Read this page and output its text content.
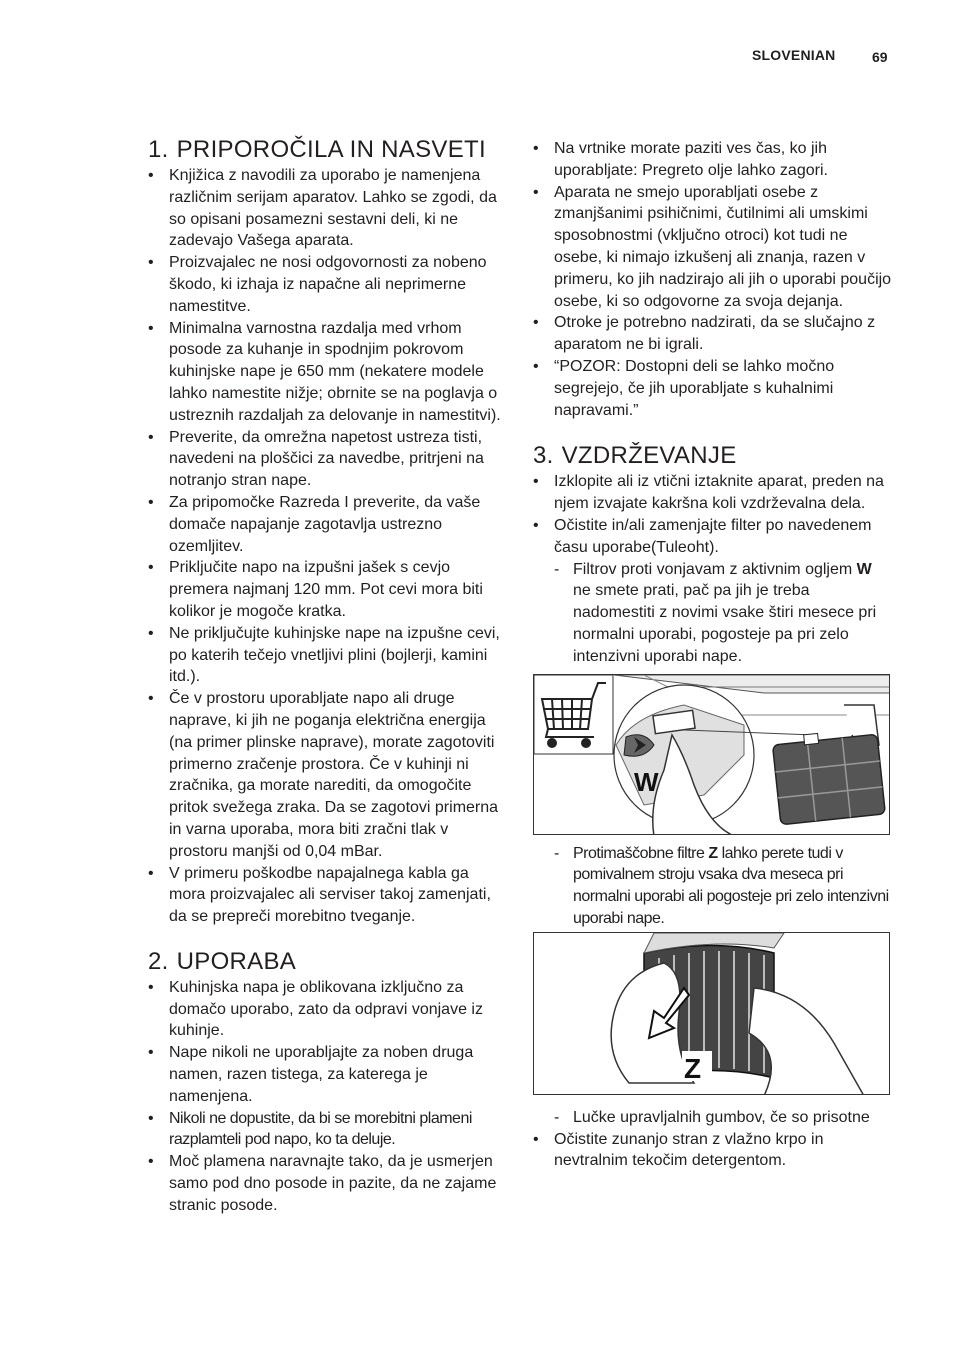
SLOVENIAN	69
1. PRIPOROČILA IN NASVETI
• Knjižica z navodili za uporabo je namenjena različnim serijam aparatov. Lahko se zgodi, da so opisani posamezni sestavni deli, ki ne zadevajo Vašega aparata.
• Proizvajalec ne nosi odgovornosti za nobeno škodo, ki izhaja iz napačne ali neprimerne namestitve.
• Minimalna varnostna razdalja med vrhom posode za kuhanje in spodnjim pokrovom kuhinjske nape je 650 mm (nekatere modele lahko namestite nižje; obrnite se na poglavja o ustreznih razdaljah za delovanje in namestitvi).
• Preverite, da omrežna napetost ustreza tisti, navedeni na ploščici za navedbe, pritrjeni na notranjo stran nape.
• Za pripomočke Razreda I preverite, da vaše domače napajanje zagotavlja ustrezno ozemljitev.
• Priključite napo na izpušni jašek s cevjo premera najmanj 120 mm. Pot cevi mora biti kolikor je mogoče kratka.
• Ne priključujte kuhinjske nape na izpušne cevi, po katerih tečejo vnetljivi plini (bojlerji, kamini itd.).
• Če v prostoru uporabljate napo ali druge naprave, ki jih ne poganja električna energija (na primer plinske naprave), morate zagotoviti primerno zračenje prostora. Če v kuhinji ni zračnika, ga morate narediti, da omogočite pritok svežega zraka. Da se zagotovi primerna in varna uporaba, mora biti zračni tlak v prostoru manjši od 0,04 mBar.
• V primeru poškodbe napajalnega kabla ga mora proizvajalec ali serviser takoj zamenjati, da se prepreči morebitno tveganje.
2. UPORABA
• Kuhinjska napa je oblikovana izključno za domačo uporabo, zato da odpravi vonjave iz kuhinje.
• Nape nikoli ne uporabljajte za noben druga namen, razen tistega, za katerega je namenjena.
• Nikoli ne dopustite, da bi se morebitni plameni razplamteli pod napo, ko ta deluje.
• Moč plamena naravnajte tako, da je usmerjen samo pod dno posode in pazite, da ne zajame stranic posode.
• Na vrtnike morate paziti ves čas, ko jih uporabljate: Pregreto olje lahko zagori.
• Aparata ne smejo uporabljati osebe z zmanjšanimi psihičnimi, čutilnimi ali umskimi sposobnostmi (vključno otroci) kot tudi ne osebe, ki nimajo izkušenj ali znanja, razen v primeru, ko jih nadzirajo ali jih o uporabi poučijo osebe, ki so odgovorne za svoja dejanja.
• Otroke je potrebno nadzirati, da se slučajno z aparatom ne bi igrali.
• “POZOR: Dostopni deli se lahko močno segrejejo, če jih uporabljate s kuhalnimi napravami.”
3. VZDRŽEVANJE
• Izklopite ali iz vtični iztaknite aparat, preden na njem izvajate kakršna koli vzdrževalna dela.
• Očistite in/ali zamenjajte filter po navedenem času uporabe(Tuleoht).
- Filtrov proti vonjavam z aktivnim ogljem W ne smete prati, pač pa jih je treba nadomestiti z novimi vsake štiri mesece pri normalni uporabi, pogosteje pa pri zelo intenzivni uporabi nape.
W
- Protimaščobne filtre Z lahko perete tudi v pomivalnem stroju vsaka dva meseca pri normalni uporabi ali pogosteje pri zelo intenzivni uporabi nape.
Z
- Lučke upravljalnih gumbov, če so prisotne
• Očistite zunanjo stran z vlažno krpo in nevtralnim tekočim detergentom.
